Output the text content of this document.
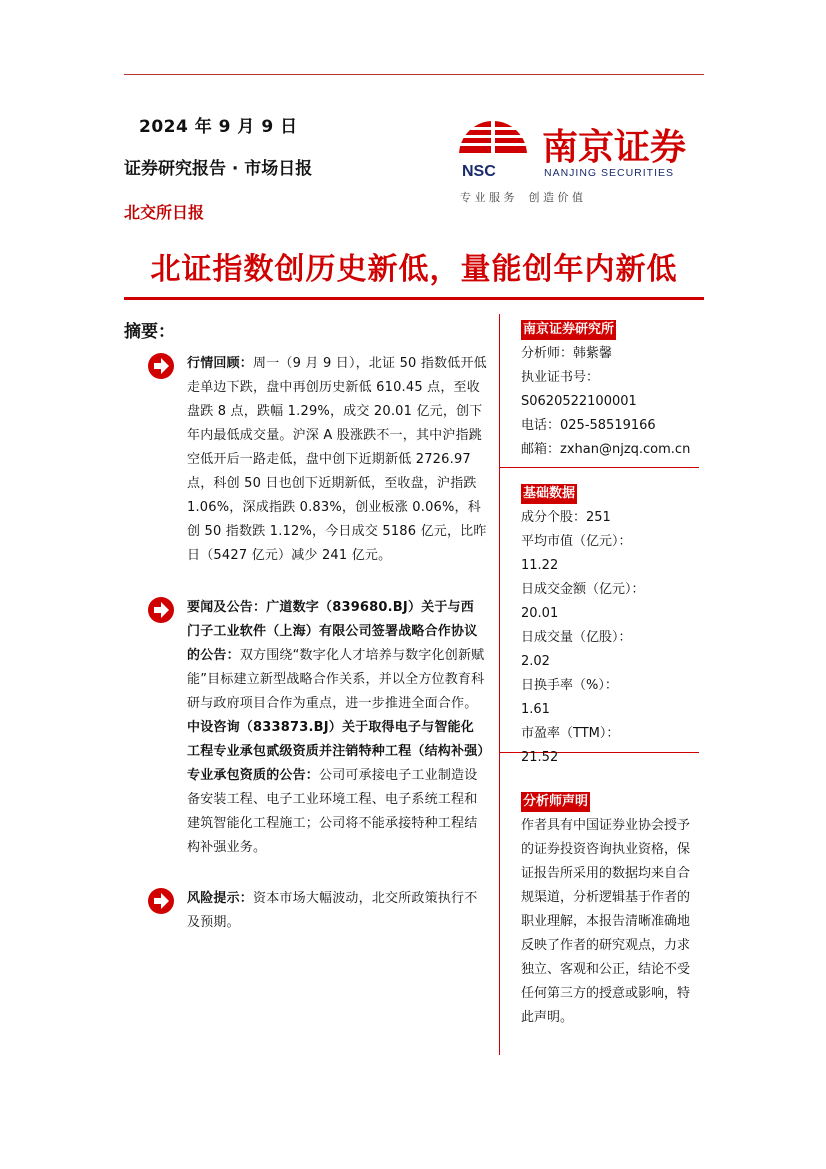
2024 年 9 月 9 日
证券研究报告 · 市场日报
北交所日报
NSC
南京证券
NANJING SECURITIES
专 业 服 务    创 造 价 值
北证指数创历史新低，量能创年内新低
摘要：
行情回顾：周一（9 月 9 日），北证 50 指数低开低走单边下跌，盘中再创历史新低 610.45 点，至收盘跌 8 点，跌幅 1.29%，成交 20.01 亿元，创下年内最低成交量。沪深 A 股涨跌不一，其中沪指跳空低开后一路走低，盘中创下近期新低 2726.97 点，科创 50 日也创下近期新低，至收盘，沪指跌 1.06%，深成指跌 0.83%，创业板涨 0.06%，科创 50 指数跌 1.12%，今日成交 5186 亿元，比昨日（5427 亿元）减少 241 亿元。
要闻及公告：广道数字（839680.BJ）关于与西门子工业软件（上海）有限公司签署战略合作协议的公告：双方围绕“数字化人才培养与数字化创新赋能”目标建立新型战略合作关系，并以全方位教育科研与政府项目合作为重点，进一步推进全面合作。中设咨询（833873.BJ）关于取得电子与智能化工程专业承包贰级资质并注销特种工程（结构补强）专业承包资质的公告：公司可承接电子工业制造设备安装工程、电子工业环境工程、电子系统工程和建筑智能化工程施工；公司将不能承接特种工程结构补强业务。
风险提示：资本市场大幅波动，北交所政策执行不及预期。
南京证券研究所
分析师：韩紫馨
执业证书号：
S0620522100001
电话：025-58519166
邮箱：zxhan@njzq.com.cn
基础数据
成分个股：251
平均市值（亿元）：
11.22
日成交金额（亿元）：
20.01
日成交量（亿股）：
2.02
日换手率（%）：
1.61
市盈率（TTM）：
21.52
分析师声明
作者具有中国证券业协会授予的证券投资咨询执业资格，保证报告所采用的数据均来自合规渠道，分析逻辑基于作者的职业理解，本报告清晰准确地反映了作者的研究观点，力求独立、客观和公正，结论不受任何第三方的授意或影响，特此声明。
